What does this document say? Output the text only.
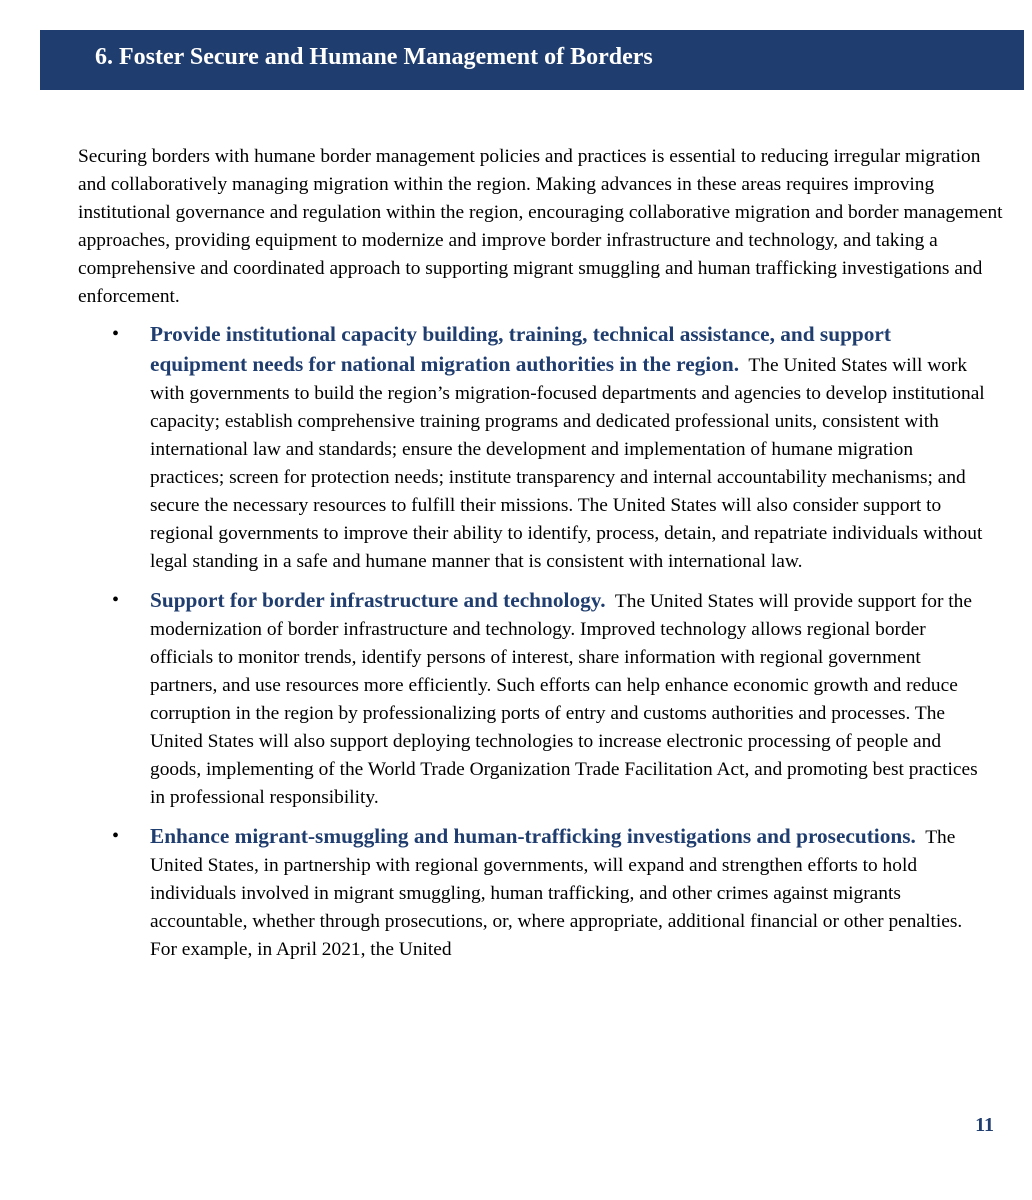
6. Foster Secure and Humane Management of Borders

Securing borders with humane border management policies and practices is essential to reducing irregular migration and collaboratively managing migration within the region. Making advances in these areas requires improving institutional governance and regulation within the region, encouraging collaborative migration and border management approaches, providing equipment to modernize and improve border infrastructure and technology, and taking a comprehensive and coordinated approach to supporting migrant smuggling and human trafficking investigations and enforcement.

• Provide institutional capacity building, training, technical assistance, and support equipment needs for national migration authorities in the region. The United States will work with governments to build the region’s migration-focused departments and agencies to develop institutional capacity; establish comprehensive training programs and dedicated professional units, consistent with international law and standards; ensure the development and implementation of humane migration practices; screen for protection needs; institute transparency and internal accountability mechanisms; and secure the necessary resources to fulfill their missions. The United States will also consider support to regional governments to improve their ability to identify, process, detain, and repatriate individuals without legal standing in a safe and humane manner that is consistent with international law.
• Support for border infrastructure and technology. The United States will provide support for the modernization of border infrastructure and technology. Improved technology allows regional border officials to monitor trends, identify persons of interest, share information with regional government partners, and use resources more efficiently. Such efforts can help enhance economic growth and reduce corruption in the region by professionalizing ports of entry and customs authorities and processes. The United States will also support deploying technologies to increase electronic processing of people and goods, implementing of the World Trade Organization Trade Facilitation Act, and promoting best practices in professional responsibility.
• Enhance migrant-smuggling and human-trafficking investigations and prosecutions. The United States, in partnership with regional governments, will expand and strengthen efforts to hold individuals involved in migrant smuggling, human trafficking, and other crimes against migrants accountable, whether through prosecutions, or, where appropriate, additional financial or other penalties. For example, in April 2021, the United
11
